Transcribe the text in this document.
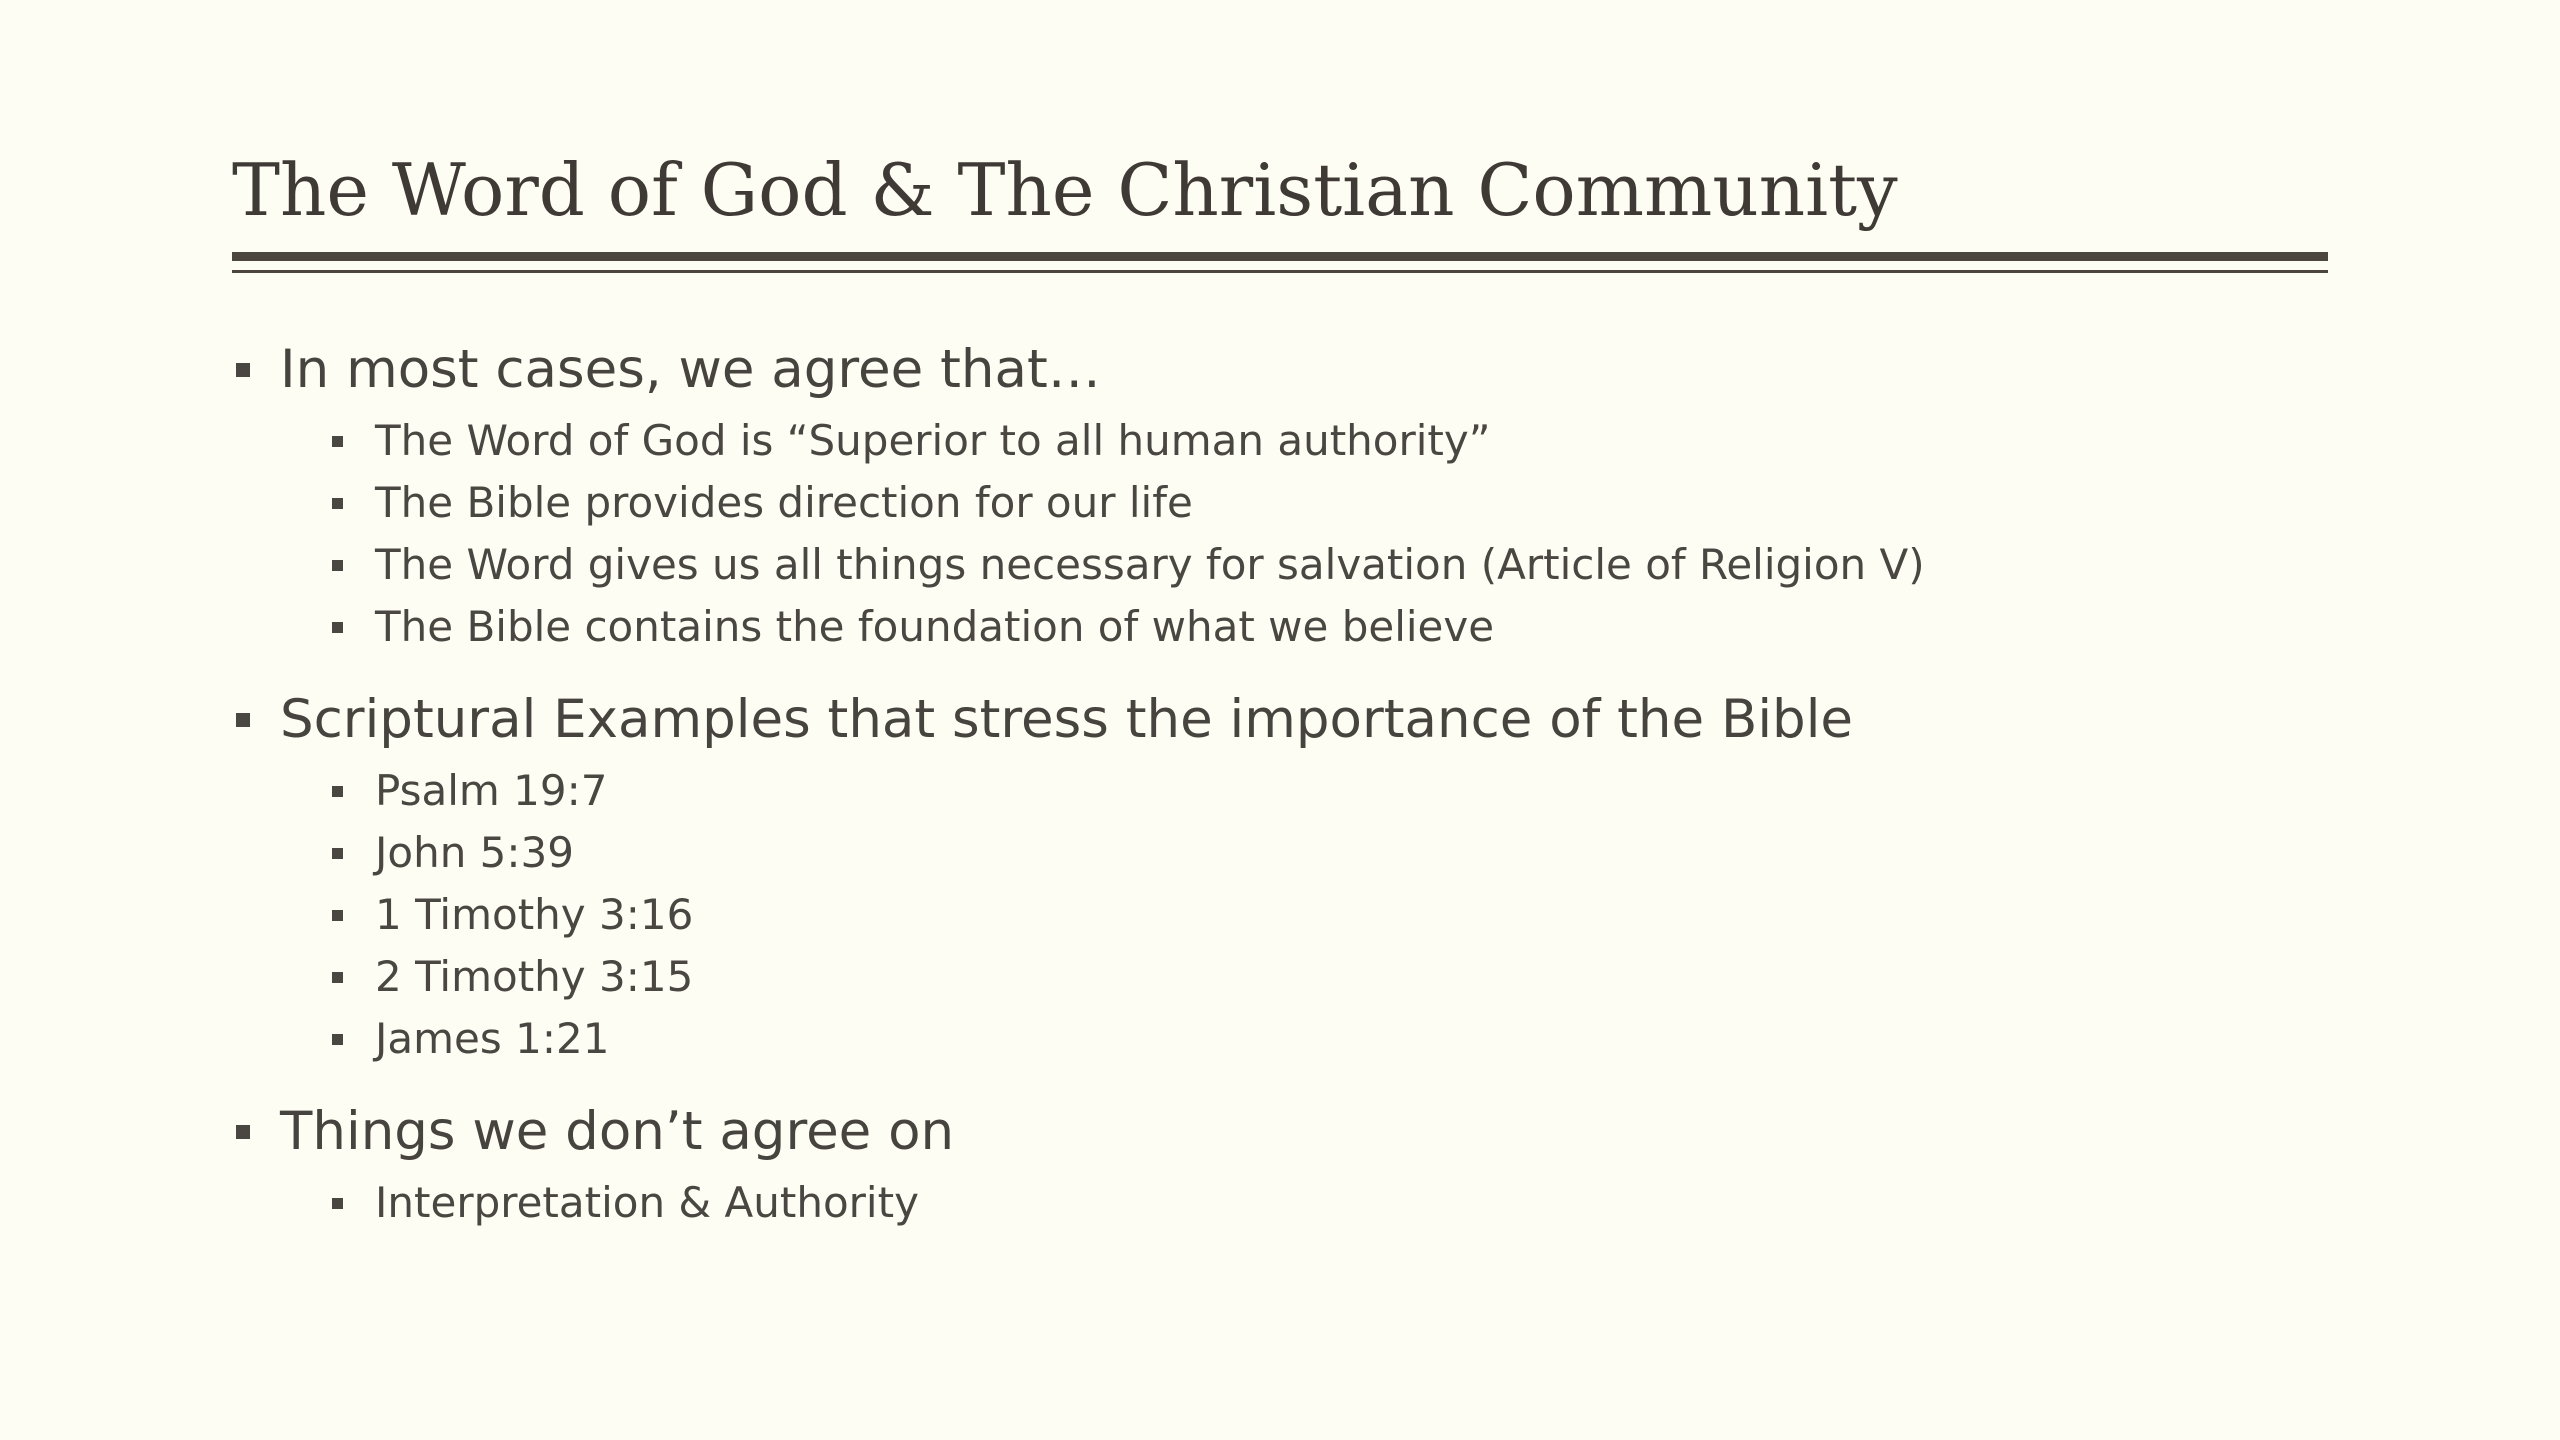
The Word of God & The Christian Community
In most cases, we agree that…
The Word of God is “Superior to all human authority”
The Bible provides direction for our life
The Word gives us all things necessary for salvation (Article of Religion V)
The Bible contains the foundation of what we believe
Scriptural Examples that stress the importance of the Bible
Psalm 19:7
John 5:39
1 Timothy 3:16
2 Timothy 3:15
James 1:21
Things we don’t agree on
Interpretation & Authority
